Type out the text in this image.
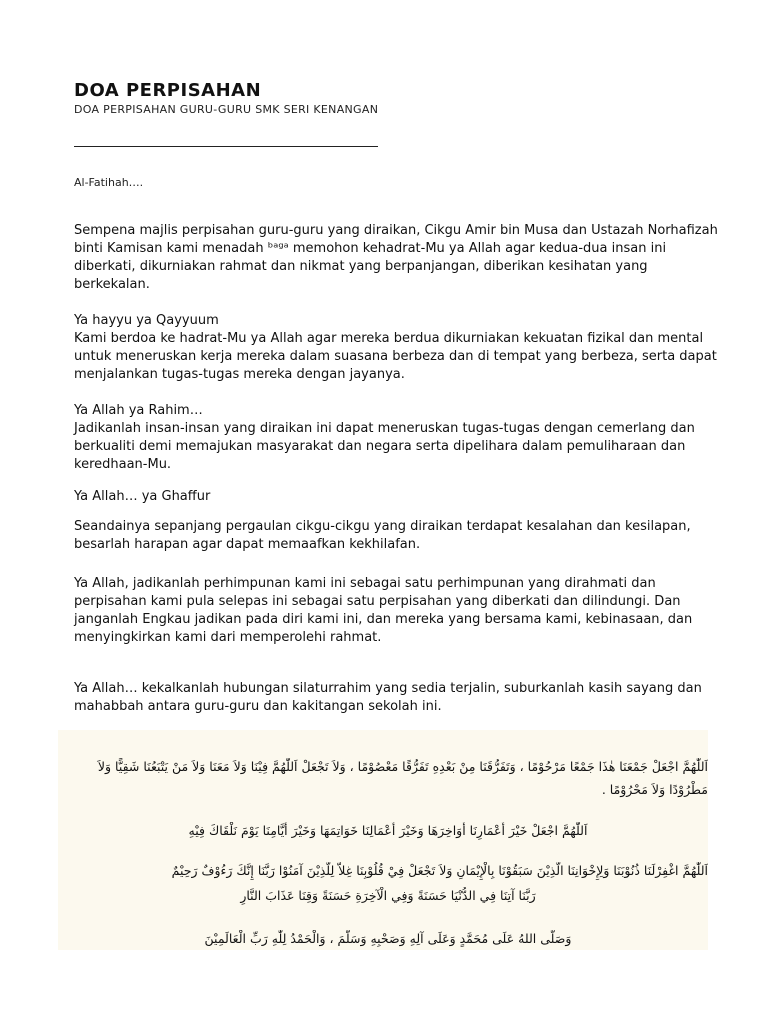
DOA PERPISAHAN
DOA PERPISAHAN GURU-GURU SMK SERI KENANGAN
Al-Fatihah….

Sempena majlis perpisahan guru-guru yang diraikan, Cikgu Amir bin Musa dan Ustazah Norhafizah
binti Kamisan kami menadah ᵇᵃᵍᵃ memohon kehadrat-Mu ya Allah agar kedua-dua insan ini
diberkati, dikurniakan rahmat dan nikmat yang berpanjangan, diberikan kesihatan yang
berkekalan.

Ya hayyu ya Qayyuum
Kami berdoa ke hadrat-Mu ya Allah agar mereka berdua dikurniakan kekuatan fizikal dan mental
untuk meneruskan kerja mereka dalam suasana berbeza dan di tempat yang berbeza, serta dapat
menjalankan tugas-tugas mereka dengan jayanya.

Ya Allah ya Rahim…
Jadikanlah insan-insan yang diraikan ini dapat meneruskan tugas-tugas dengan cemerlang dan
berkualiti demi memajukan masyarakat dan negara serta dipelihara dalam pemuliharaan dan
keredhaan-Mu.

Ya Allah… ya Ghaffur

Seandainya sepanjang pergaulan cikgu-cikgu yang diraikan terdapat kesalahan dan kesilapan,
besarlah harapan agar dapat memaafkan kekhilafan.

Ya Allah, jadikanlah perhimpunan kami ini sebagai satu perhimpunan yang dirahmati dan
perpisahan kami pula selepas ini sebagai satu perpisahan yang diberkati dan dilindungi. Dan
janganlah Engkau jadikan pada diri kami ini, dan mereka yang bersama kami, kebinasaan, dan
menyingkirkan kami dari memperolehi rahmat.

Ya Allah… kekalkanlah hubungan silaturrahim yang sedia terjalin, suburkanlah kasih sayang dan
mahabbah antara guru-guru dan kakitangan sekolah ini.

اَللّٰهُمَّ اجْعَلْ جَمْعَنَا هٰذَا جَمْعًا مَرْحُوْمًا ، وَتَفَرُّقَنَا مِنْ بَعْدِهِ تَفَرُّقًا مَعْصُوْمًا ، وَلاَ تَجْعَلْ اَللّٰهُمَّ فِيْنَا وَلاَ مَعَنَا وَلاَ مَنْ يَتْبَعُنَا شَقِيًّا وَلاَ
مَطْرُوْدًا وَلاَ مَحْرُوْمًا .
اَللّٰهُمَّ اجْعَلْ خَيْرَ أَعْمَارِنَا أَوَاخِرَهَا وَخَيْرَ أَعْمَالِنَا خَوَاتِمَهَا وَخَيْرَ أَيَّامِنَا يَوْمَ نَلْقَاكَ فِيْهِ
اَللّٰهُمَّ اغْفِرْلَنَا ذُنُوْبَنَا وَلِإِخْوَانِنَا الَّذِيْنَ سَبَقُوْنَا بِالْإِيْمَانِ وَلاَ تَجْعَلْ فِيْ قُلُوْبِنَا غِلاًّ لِلَّذِيْنَ آمَنُوْا رَبَّنَا إِنَّكَ رَءُوْفٌ رَحِيْمٌ
رَبَّنَا آتِنَا فِي الدُّنْيَا حَسَنَةً وَفِي الْآخِرَةِ حَسَنَةً وَقِنَا عَذَابَ النَّارِ
وَصَلَّى اللهُ عَلَى مُحَمَّدٍ وَعَلَى آلِهِ وَصَحْبِهِ وَسَلَّمَ ، وَالْحَمْدُ لِلّٰهِ رَبِّ الْعَالَمِيْنَ
